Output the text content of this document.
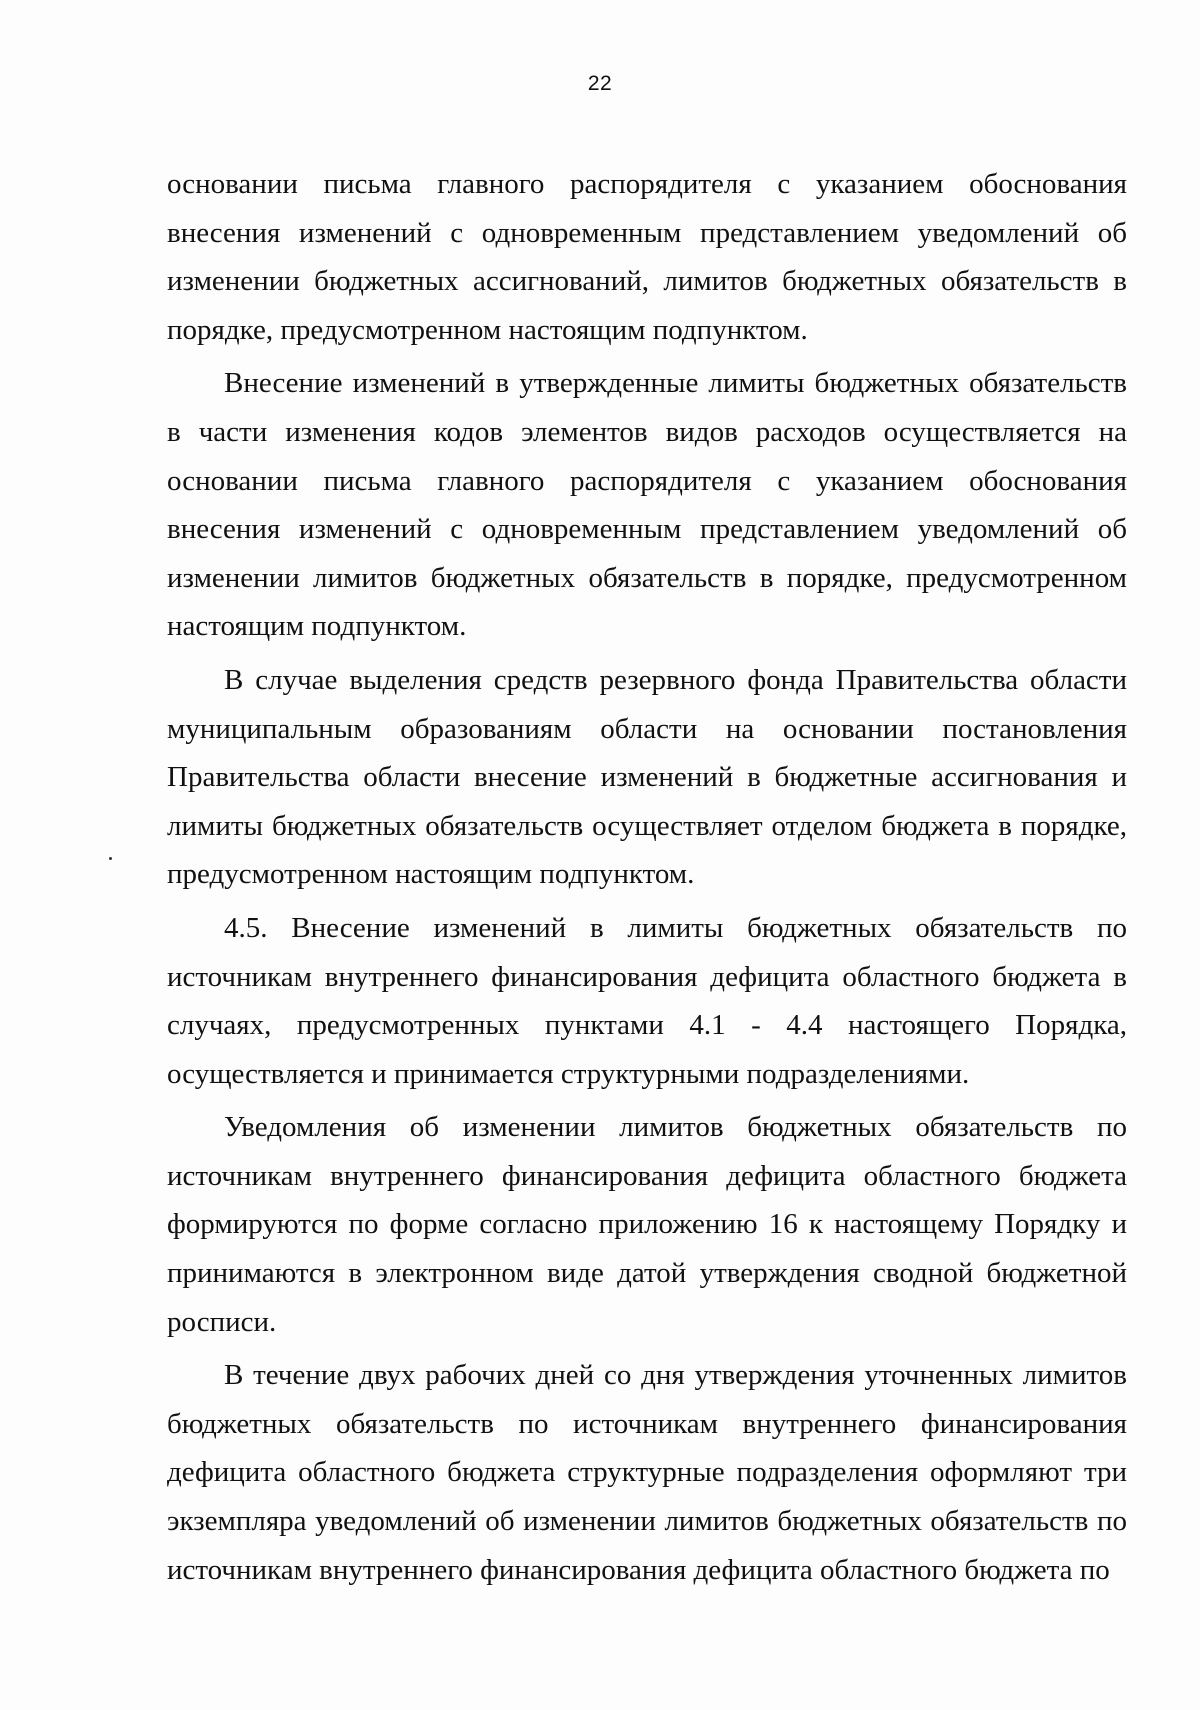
22

основании письма главного распорядителя с указанием обоснования внесения изменений с одновременным представлением уведомлений об изменении бюджетных ассигнований, лимитов бюджетных обязательств в порядке, предусмотренном настоящим подпунктом.

Внесение изменений в утвержденные лимиты бюджетных обязательств в части изменения кодов элементов видов расходов осуществляется на основании письма главного распорядителя с указанием обоснования внесения изменений с одновременным представлением уведомлений об изменении лимитов бюджетных обязательств в порядке, предусмотренном настоящим подпунктом.

В случае выделения средств резервного фонда Правительства области муниципальным образованиям области на основании постановления Правительства области внесение изменений в бюджетные ассигнования и лимиты бюджетных обязательств осуществляет отделом бюджета в порядке, предусмотренном настоящим подпунктом.

4.5. Внесение изменений в лимиты бюджетных обязательств по источникам внутреннего финансирования дефицита областного бюджета в случаях, предусмотренных пунктами 4.1 - 4.4 настоящего Порядка, осуществляется и принимается структурными подразделениями.

Уведомления об изменении лимитов бюджетных обязательств по источникам внутреннего финансирования дефицита областного бюджета формируются по форме согласно приложению 16 к настоящему Порядку и принимаются в электронном виде датой утверждения сводной бюджетной росписи.

В течение двух рабочих дней со дня утверждения уточненных лимитов бюджетных обязательств по источникам внутреннего финансирования дефицита областного бюджета структурные подразделения оформляют три экземпляра уведомлений об изменении лимитов бюджетных обязательств по источникам внутреннего финансирования дефицита областного бюджета по
